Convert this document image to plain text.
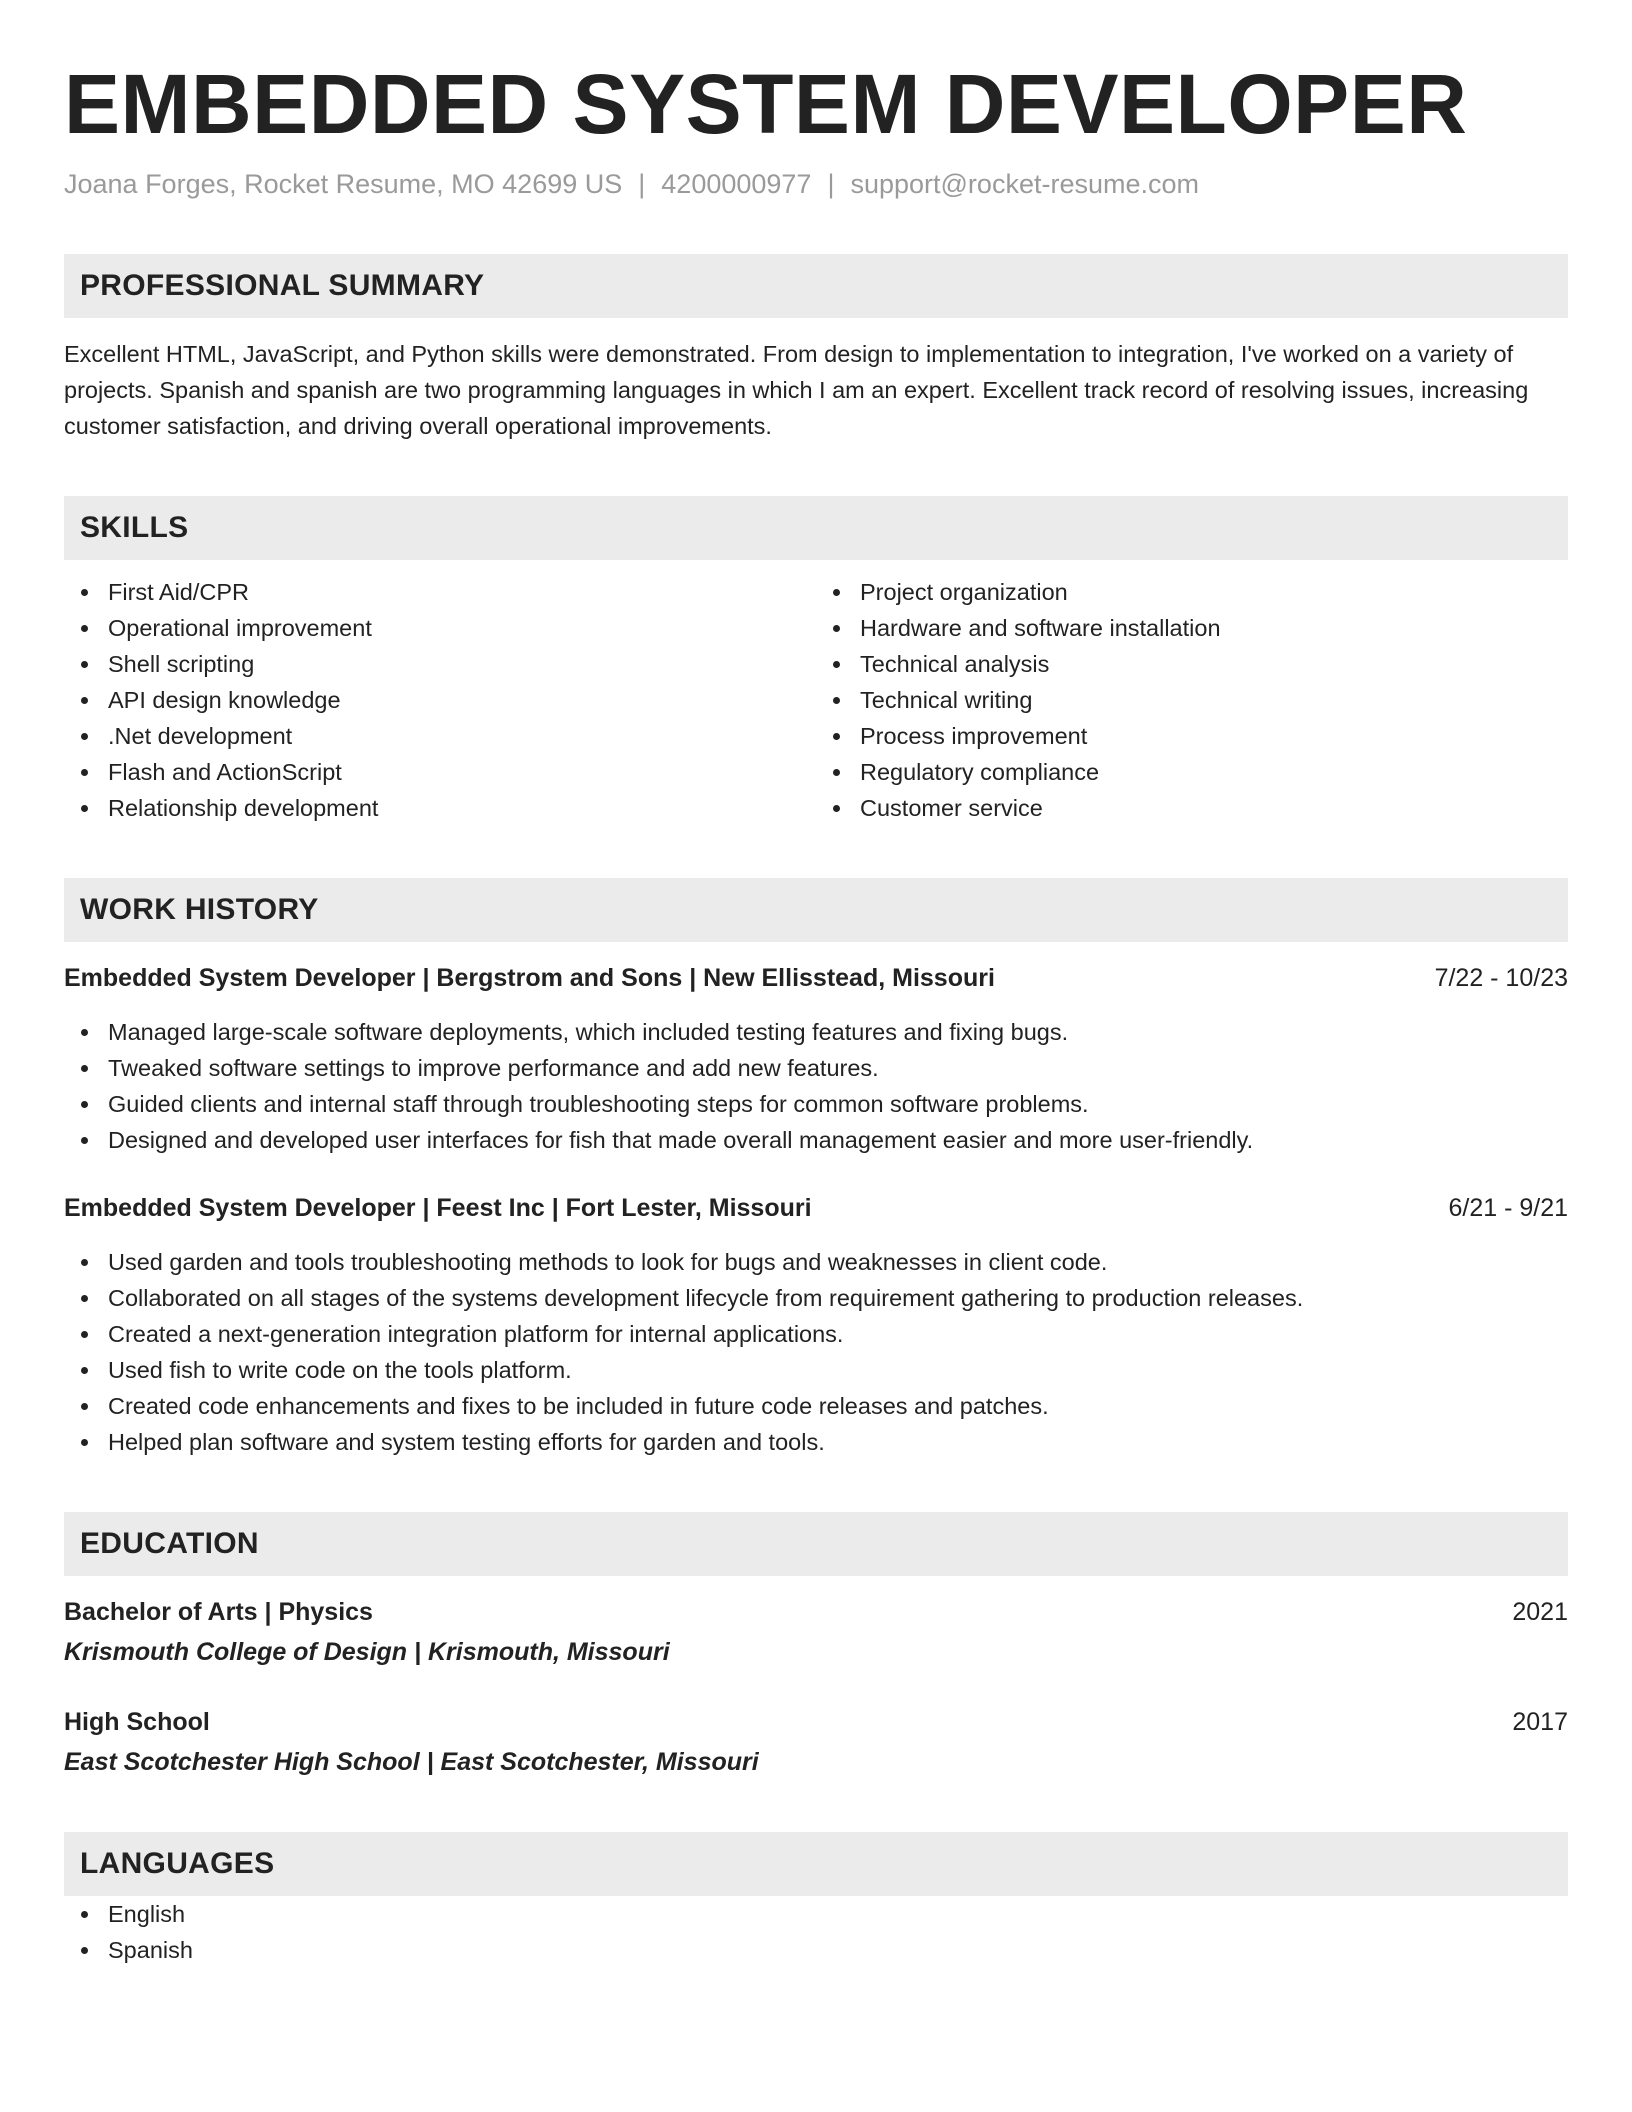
EMBEDDED SYSTEM DEVELOPER
Joana Forges, Rocket Resume, MO 42699 US | 4200000977 | support@rocket-resume.com
PROFESSIONAL SUMMARY

Excellent HTML, JavaScript, and Python skills were demonstrated. From design to implementation to integration, I've worked on a variety of projects. Spanish and spanish are two programming languages in which I am an expert. Excellent track record of resolving issues, increasing customer satisfaction, and driving overall operational improvements.

SKILLS
First Aid/CPR
Operational improvement
Shell scripting
API design knowledge
.Net development
Flash and ActionScript
Relationship development
Project organization
Hardware and software installation
Technical analysis
Technical writing
Process improvement
Regulatory compliance
Customer service
WORK HISTORY
Embedded System Developer | Bergstrom and Sons | New Ellisstead, Missouri	7/22 - 10/23
Managed large-scale software deployments, which included testing features and fixing bugs.
Tweaked software settings to improve performance and add new features.
Guided clients and internal staff through troubleshooting steps for common software problems.
Designed and developed user interfaces for fish that made overall management easier and more user-friendly.
Embedded System Developer | Feest Inc | Fort Lester, Missouri	6/21 - 9/21
Used garden and tools troubleshooting methods to look for bugs and weaknesses in client code.
Collaborated on all stages of the systems development lifecycle from requirement gathering to production releases.
Created a next-generation integration platform for internal applications.
Used fish to write code on the tools platform.
Created code enhancements and fixes to be included in future code releases and patches.
Helped plan software and system testing efforts for garden and tools.
EDUCATION
Bachelor of Arts | Physics	2021
Krismouth College of Design | Krismouth, Missouri
High School	2017
East Scotchester High School | East Scotchester, Missouri
LANGUAGES
English
Spanish
